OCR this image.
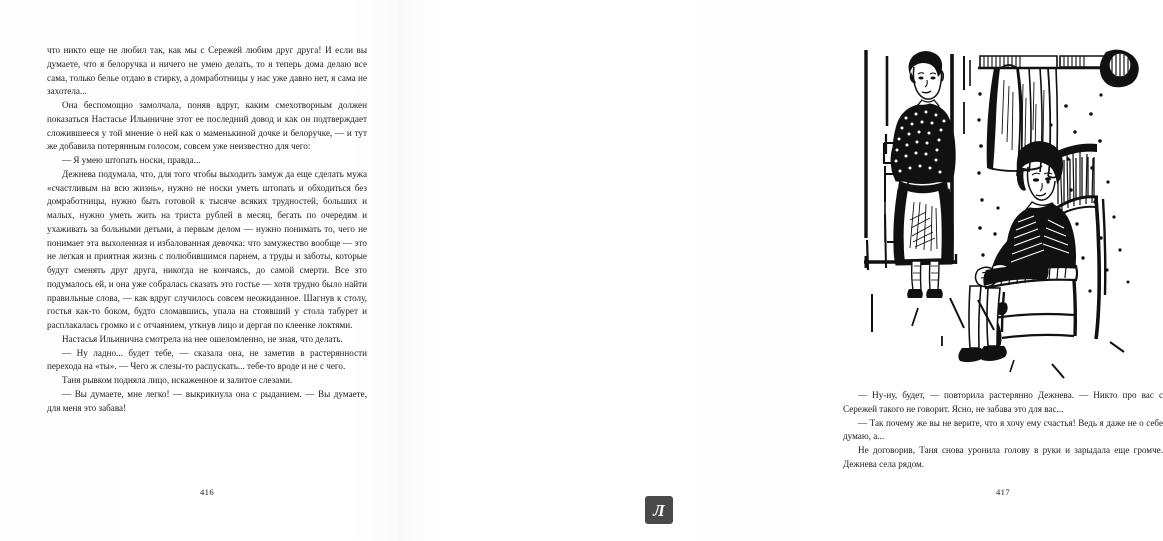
что никто еще не любил так, как мы с Сережей любим друг друга! И если вы думаете, что я белоручка и ничего не умею делать, то я теперь дома делаю все сама, только белье отдаю в стирку, а домработницы у нас уже давно нет, я сама не захотела...

Она беспомощно замолчала, поняв вдруг, каким смехотворным должен показаться Настасье Ильиничне этот ее последний довод и как он подтверждает сложившееся у той мнение о ней как о маменькиной дочке и белоручке, — и тут же добавила потерянным голосом, совсем уже неизвестно для чего:

— Я умею штопать носки, правда...

Дежнева подумала, что, для того чтобы выходить замуж да еще сделать мужа «счастливым на всю жизнь», нужно не носки уметь штопать и обходиться без домработницы, нужно быть готовой к тысяче всяких трудностей, больших и малых, нужно уметь жить на триста рублей в месяц, бегать по очередям и ухаживать за больными детьми, а первым делом — нужно понимать то, чего не понимает эта выхоленная и избалованная девочка: что замужество вообще — это не легкая и приятная жизнь с полюбившимся парнем, а труды и заботы, которые будут сменять друг друга, никогда не кончаясь, до самой смерти. Все это подумалось ей, и она уже собралась сказать это гостье — хотя трудно было найти правильные слова, — как вдруг случилось совсем неожиданное. Шагнув к столу, гостья как-то боком, будто сломавшись, упала на стоявший у стола табурет и расплакалась громко и с отчаянием, уткнув лицо и дергая по клеенке локтями.

Настасья Ильинична смотрела на нее ошеломленно, не зная, что делать.

— Ну ладно... будет тебе, — сказала она, не заметив в растерянности перехода на «ты». — Чего ж слезы-то распускать... тебе-то вроде и не с чего.

Таня рывком подняла лицо, искаженное и залитое слезами.

— Вы думаете, мне легко! — выкрикнула она с рыданием. — Вы думаете, для меня это забава!

416

— Ну-ну, будет, — повторила растерянно Дежнева. — Никто про вас с Сережей такого не говорит. Ясно, не забава это для вас...

— Так почему же вы не верите, что я хочу ему счастья! Ведь я даже не о себе думаю, а...

Не договорив, Таня снова уронила голову в руки и зарыдала еще громче. Дежнева села рядом.

417
Л
